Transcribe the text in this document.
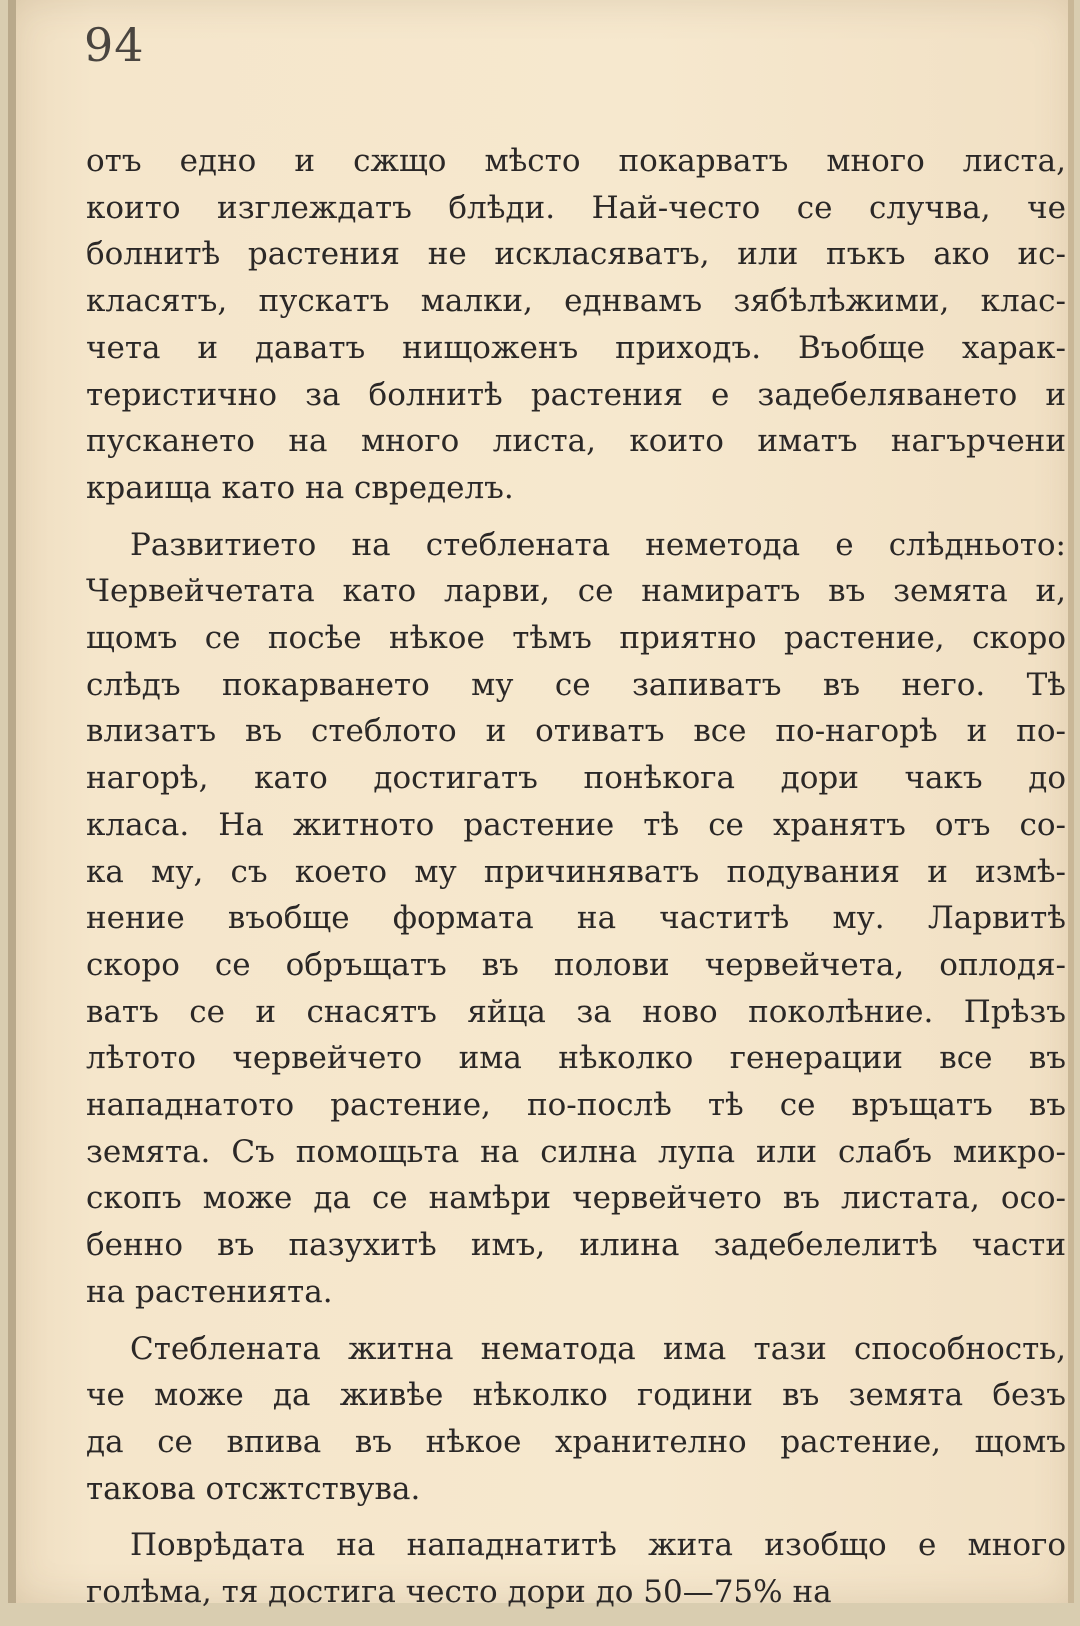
94
отъ едно и сжщо мѣсто покарватъ много листа,
които изглеждатъ блѣди. Най-често се случва, че
болнитѣ растения не искласяватъ, или пъкъ ако ис-
класятъ, пускатъ малки, еднвамъ зябѣлѣжими, клас-
чета и даватъ нищоженъ приходъ. Въобще харак-
теристично за болнитѣ растения е задебеляването и
пускането на много листа, които иматъ нагърчени
краища като на свределъ.
Развитието на стеблената неметода е слѣдньото:
Червейчетата като ларви, се намиратъ въ земята и,
щомъ се посѣе нѣкое тѣмъ приятно растение, скоро
слѣдъ покарването му се запиватъ въ него. Тѣ
влизатъ въ стеблото и отиватъ все по-нагорѣ и по-
нагорѣ, като достигатъ понѣкога дори чакъ до
класа. На житното растение тѣ се хранятъ отъ со-
ка му, съ което му причиняватъ подувания и измѣ-
нение въобще формата на частитѣ му. Ларвитѣ
скоро се обръщатъ въ полови червейчета, оплодя-
ватъ се и снасятъ яйца за ново поколѣние. Прѣзъ
лѣтото червейчето има нѣколко генерации все въ
нападнатото растение, по-послѣ тѣ се връщатъ въ
земята. Съ помощьта на силна лупа или слабъ микро-
скопъ може да се намѣри червейчето въ листата, осо-
бенно въ пазухитѣ имъ, илина задебелелитѣ части
на растенията.
Стеблената житна нематода има тази способность,
че може да живѣе нѣколко години въ земята безъ
да се впива въ нѣкое хранително растение, щомъ
такова отсжтствува.
Поврѣдата на нападнатитѣ жита изобщо е много
голѣма, тя достига често дори до 50—75% на
